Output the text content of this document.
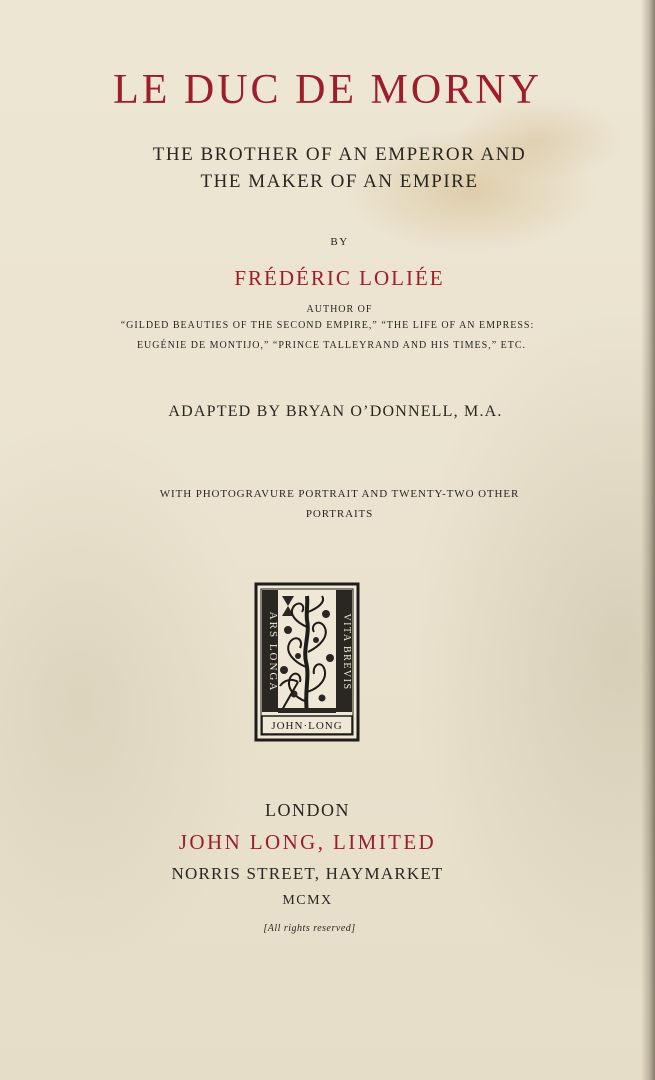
LE DUC DE MORNY
THE BROTHER OF AN EMPEROR AND
THE MAKER OF AN EMPIRE
BY
FRÉDÉRIC LOLIÉE
AUTHOR OF
“GILDED BEAUTIES OF THE SECOND EMPIRE,” “THE LIFE OF AN EMPRESS:
EUGÉNIE DE MONTIJO,” “PRINCE TALLEYRAND AND HIS TIMES,” ETC.
ADAPTED BY BRYAN O’DONNELL, M.A.
WITH PHOTOGRAVURE PORTRAIT AND TWENTY-TWO OTHER
PORTRAITS
ARS LONGA	VITA BREVIS
JOHN·LONG
LONDON
JOHN LONG, LIMITED
NORRIS STREET, HAYMARKET
MCMX
[All rights reserved]
